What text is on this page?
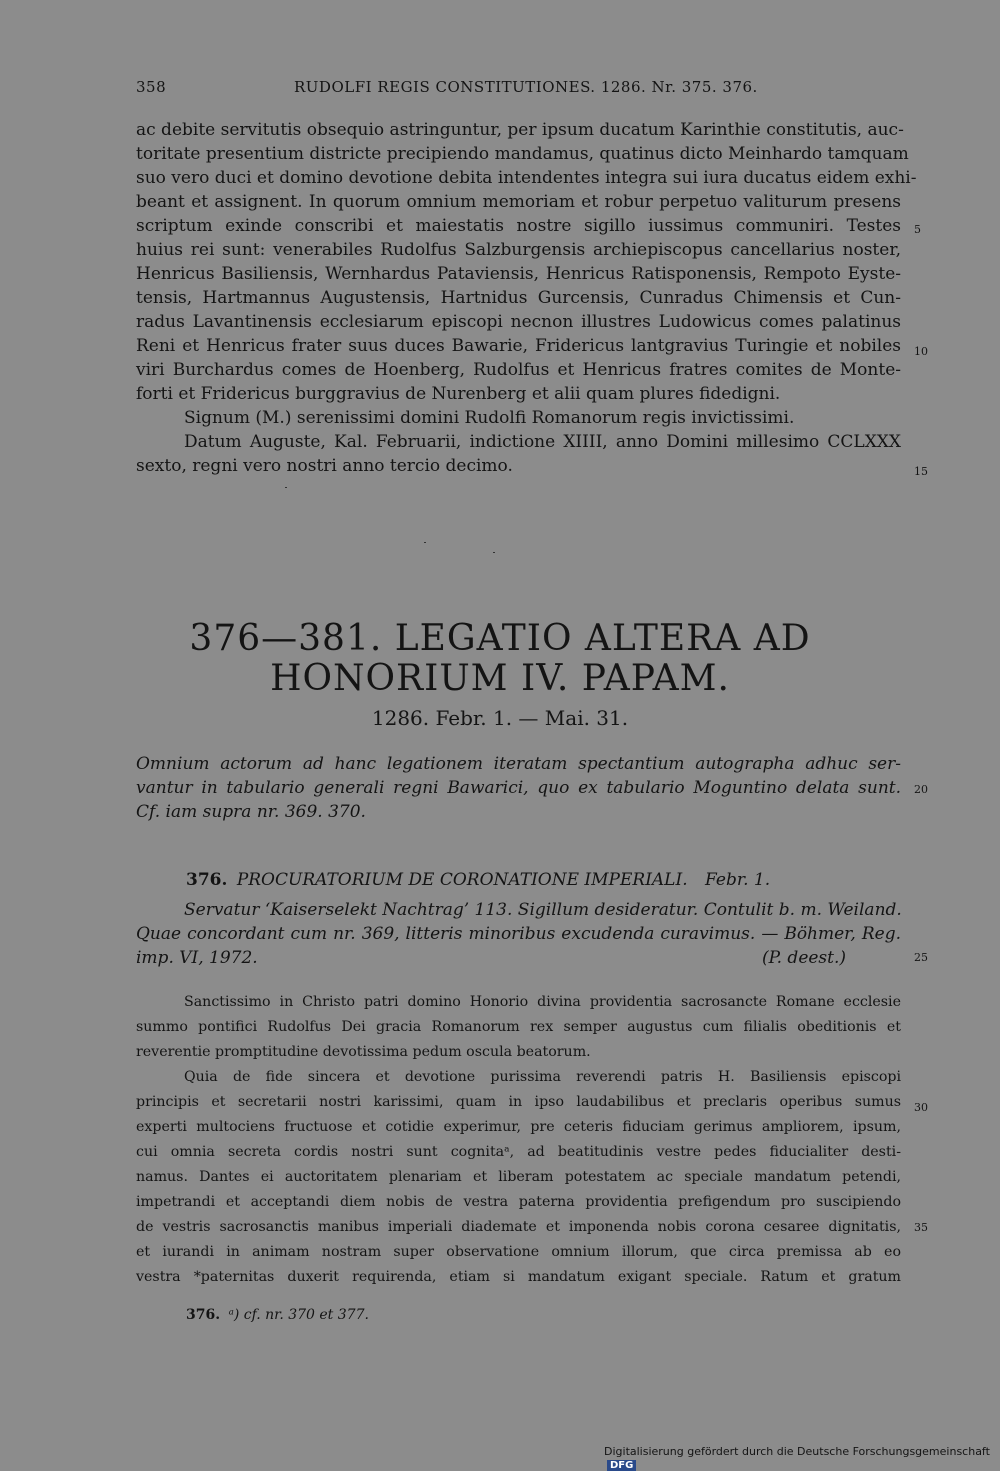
358	RUDOLFI REGIS CONSTITUTIONES. 1286. Nr. 375. 376.
ac debite servitutis obsequio astringuntur, per ipsum ducatum Karinthie constitutis, auc-
toritate presentium districte precipiendo mandamus, quatinus dicto Meinhardo tamquam
suo vero duci et domino devotione debita intendentes integra sui iura ducatus eidem exhi-
beant et assignent. In quorum omnium memoriam et robur perpetuo valiturum presens
scriptum exinde conscribi et maiestatis nostre sigillo iussimus communiri. Testes
huius rei sunt: venerabiles Rudolfus Salzburgensis archiepiscopus cancellarius noster,
Henricus Basiliensis, Wernhardus Pataviensis, Henricus Ratisponensis, Rempoto Eyste-
tensis, Hartmannus Augustensis, Hartnidus Gurcensis, Cunradus Chimensis et Cun-
radus Lavantinensis ecclesiarum episcopi necnon illustres Ludowicus comes palatinus
Reni et Henricus frater suus duces Bawarie, Fridericus lantgravius Turingie et nobiles
viri Burchardus comes de Hoenberg, Rudolfus et Henricus fratres comites de Monte-
forti et Fridericus burggravius de Nurenberg et alii quam plures fidedigni.
Signum (M.) serenissimi domini Rudolfi Romanorum regis invictissimi.
Datum Auguste, Kal. Februarii, indictione XIIII, anno Domini millesimo CCLXXX
sexto, regni vero nostri anno tercio decimo.
5
10
15
20
25
30
35
376—381. LEGATIO ALTERA AD
HONORIUM IV. PAPAM.
1286. Febr. 1. — Mai. 31.
Omnium actorum ad hanc legationem iteratam spectantium autographa adhuc ser-
vantur in tabulario generali regni Bawarici, quo ex tabulario Moguntino delata sunt.
Cf. iam supra nr. 369. 370.
376. PROCURATORIUM DE CORONATIONE IMPERIALI. Febr. 1.
Servatur ‘Kaiserselekt Nachtrag’ 113. Sigillum desideratur. Contulit b. m. Weiland.
Quae concordant cum nr. 369, litteris minoribus excudenda curavimus. — Böhmer, Reg.
imp. VI, 1972.	(P. deest.)
Sanctissimo in Christo patri domino Honorio divina providentia sacrosancte Romane ecclesie
summo pontifici Rudolfus Dei gracia Romanorum rex semper augustus cum filialis obeditionis et
reverentie promptitudine devotissima pedum oscula beatorum.
Quia de fide sincera et devotione purissima reverendi patris H. Basiliensis episcopi
principis et secretarii nostri karissimi, quam in ipso laudabilibus et preclaris operibus sumus
experti multociens fructuose et cotidie experimur, pre ceteris fiduciam gerimus ampliorem, ipsum,
cui omnia secreta cordis nostri sunt cognitaᵃ, ad beatitudinis vestre pedes fiducialiter desti-
namus. Dantes ei auctoritatem plenariam et liberam potestatem ac speciale mandatum petendi,
impetrandi et acceptandi diem nobis de vestra paterna providentia prefigendum pro suscipiendo
de vestris sacrosanctis manibus imperiali diademate et imponenda nobis corona cesaree dignitatis,
et iurandi in animam nostram super observatione omnium illorum, que circa premissa ab eo
vestra *paternitas duxerit requirenda, etiam si mandatum exigant speciale. Ratum et gratum
376. ᵃ) cf. nr. 370 et 377.
Digitalisierung gefördert durch die Deutsche Forschungsgemeinschaft DFG
